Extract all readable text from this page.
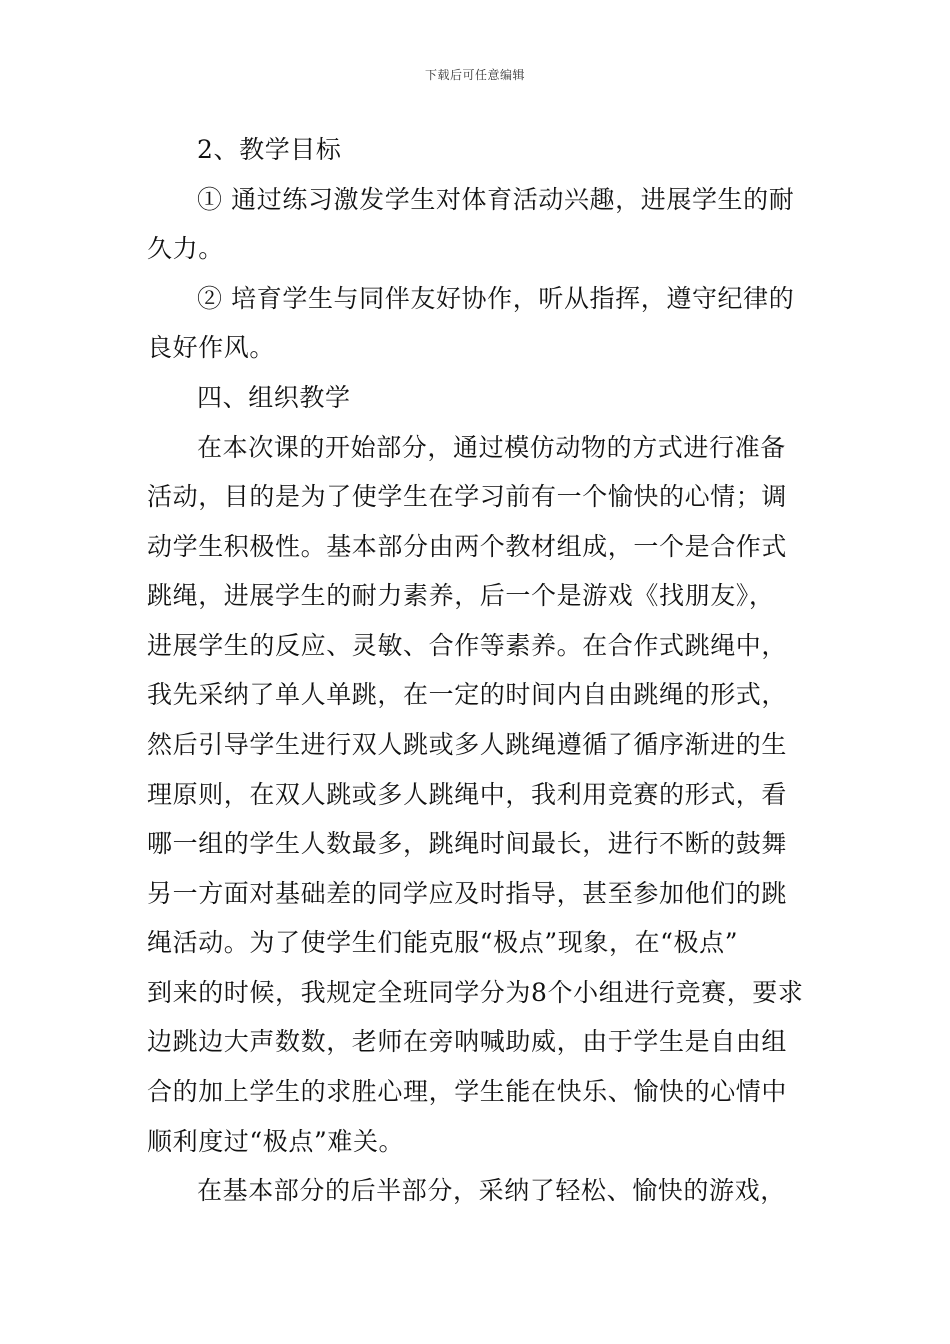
下载后可任意编辑
2、教学目标
① 通过练习激发学生对体育活动兴趣，进展学生的耐
久力。
② 培育学生与同伴友好协作，听从指挥，遵守纪律的
良好作风。
四、组织教学
在本次课的开始部分，通过模仿动物的方式进行准备
活动，目的是为了使学生在学习前有一个愉快的心情；调
动学生积极性。基本部分由两个教材组成，一个是合作式
跳绳，进展学生的耐力素养，后一个是游戏《找朋友》，
进展学生的反应、灵敏、合作等素养。在合作式跳绳中，
我先采纳了单人单跳，在一定的时间内自由跳绳的形式，
然后引导学生进行双人跳或多人跳绳遵循了循序渐进的生
理原则，在双人跳或多人跳绳中，我利用竞赛的形式，看
哪一组的学生人数最多，跳绳时间最长，进行不断的鼓舞
另一方面对基础差的同学应及时指导，甚至参加他们的跳
绳活动。为了使学生们能克服“极点”现象，在“极点”
到来的时候，我规定全班同学分为8个小组进行竞赛，要求
边跳边大声数数，老师在旁呐喊助威，由于学生是自由组
合的加上学生的求胜心理，学生能在快乐、愉快的心情中
顺利度过“极点”难关。
在基本部分的后半部分，采纳了轻松、愉快的游戏，
